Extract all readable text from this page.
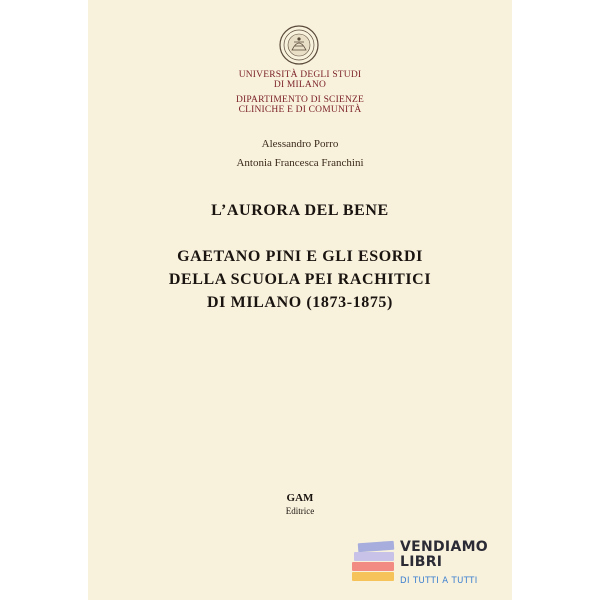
UNIVERSITÀ DEGLI STUDI
DI MILANO
DIPARTIMENTO DI SCIENZE
CLINICHE E DI COMUNITÀ
Alessandro Porro
Antonia Francesca Franchini
L’AURORA DEL BENE
GAETANO PINI E GLI ESORDI
DELLA SCUOLA PEI RACHITICI
DI MILANO (1873-1875)
GAM
Editrice
VENDIAMO
LIBRI
DI TUTTI A TUTTI
